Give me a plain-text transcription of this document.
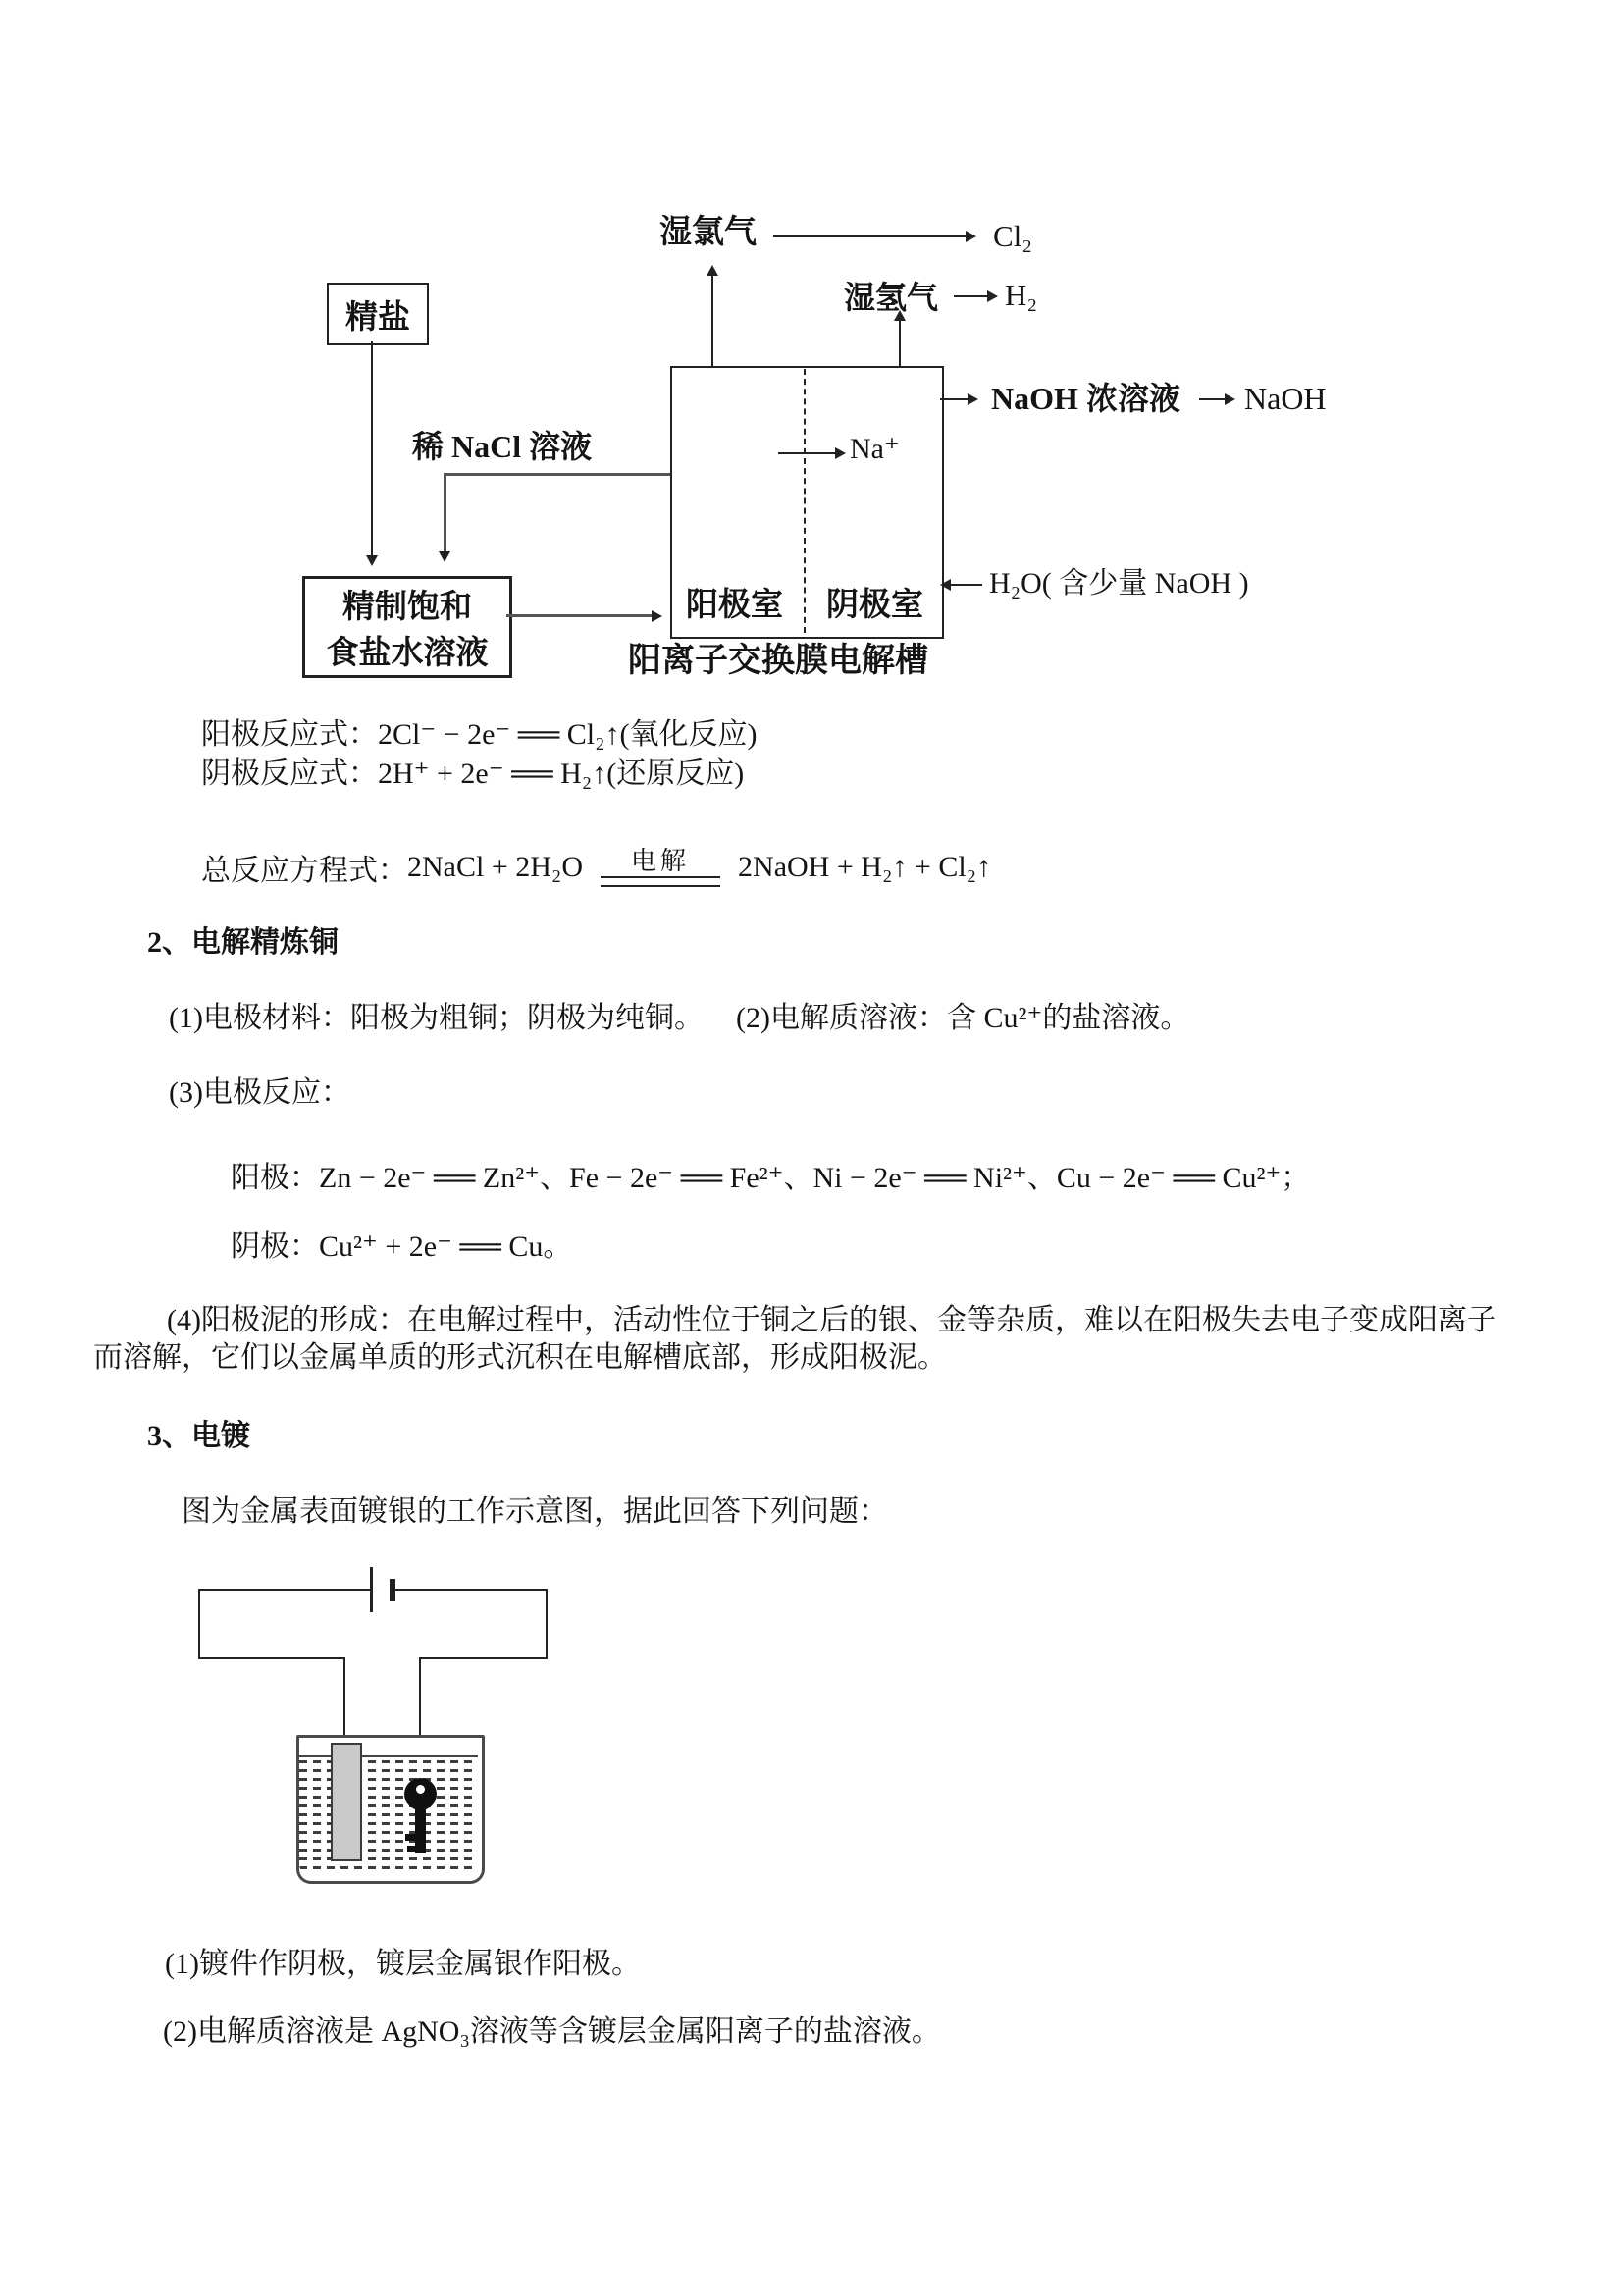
湿氯气	Cl₂
湿氢气 H₂
阳极室 阴极室
Na⁺
NaOH 浓溶液 NaOH
H₂O( 含少量 NaOH )
阳离子交换膜电解槽
精盐
稀 NaCl 溶液
精制饱和
食盐水溶液
阳极反应式：2Cl⁻ − 2e⁻ ══ Cl₂↑(氧化反应)
阴极反应式：2H⁺ + 2e⁻ ══ H₂↑(还原反应)
总反应方程式： 2NaCl + 2H₂O 电解 2NaOH + H₂↑ + Cl₂↑
2、电解精炼铜
(1)电极材料：阳极为粗铜；阴极为纯铜。 (2)电解质溶液：含 Cu²⁺的盐溶液。
(3)电极反应：
阳极：Zn − 2e⁻ ══ Zn²⁺、Fe − 2e⁻ ══ Fe²⁺、Ni − 2e⁻ ══ Ni²⁺、Cu − 2e⁻ ══ Cu²⁺；
阴极：Cu²⁺ + 2e⁻ ══ Cu。
(4)阳极泥的形成：在电解过程中，活动性位于铜之后的银、金等杂质，难以在阳极失去电子变成阳离子
而溶解，它们以金属单质的形式沉积在电解槽底部，形成阳极泥。
3、电镀
图为金属表面镀银的工作示意图，据此回答下列问题：
(1)镀件作阴极，镀层金属银作阳极。
(2)电解质溶液是 AgNO₃溶液等含镀层金属阳离子的盐溶液。
